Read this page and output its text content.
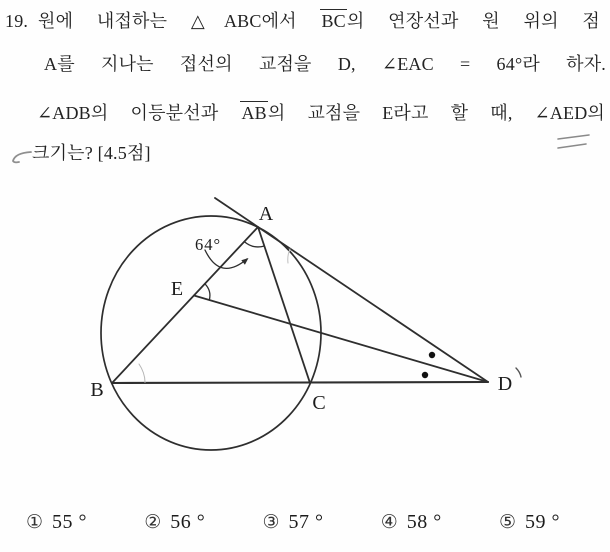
19. 원에 내접하는 △ABC에서 BC의 연장선과 원 위의 점
A를 지나는 접선의 교점을 D, ∠EAC = 64°라 하자.
∠ADB의 이등분선과 AB의 교점을 E라고 할 때, ∠AED의
크기는? [4.5점]
A
B
C
D
E
64°
① 55 °	② 56 °	③ 57 °	④ 58 °	⑤ 59 °
